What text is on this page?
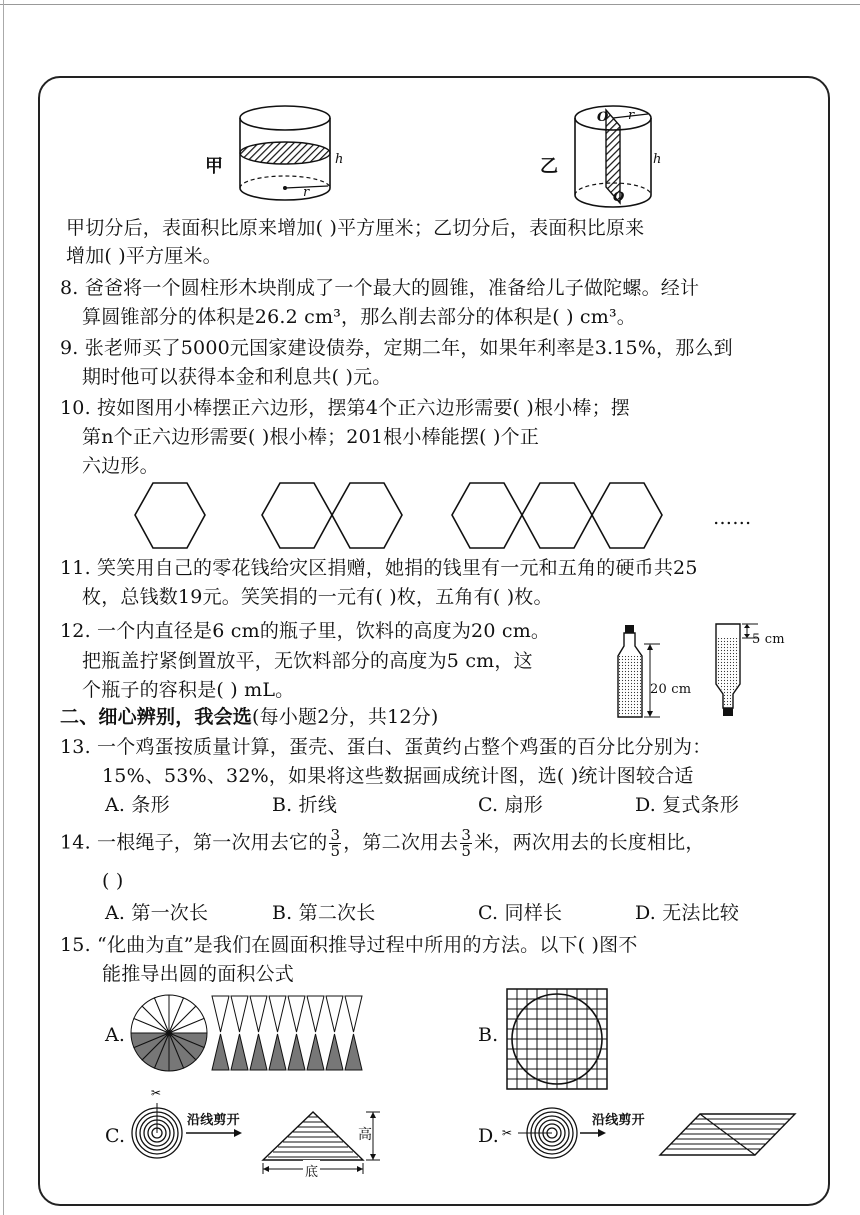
甲	乙
h
r
O r
h
O
甲切分后，表面积比原来增加( )平方厘米；乙切分后，表面积比原来
增加( )平方厘米。
8. 爸爸将一个圆柱形木块削成了一个最大的圆锥，准备给儿子做陀螺。经计
算圆锥部分的体积是26.2 cm³，那么削去部分的体积是( ) cm³。
9. 张老师买了5000元国家建设债券，定期二年，如果年利率是3.15%，那么到
期时他可以获得本金和利息共( )元。
10. 按如图用小棒摆正六边形，摆第4个正六边形需要( )根小棒；摆
第n个正六边形需要( )根小棒；201根小棒能摆( )个正
六边形。
……
11. 笑笑用自己的零花钱给灾区捐赠，她捐的钱里有一元和五角的硬币共25
枚，总钱数19元。笑笑捐的一元有( )枚，五角有( )枚。
12. 一个内直径是6 cm的瓶子里，饮料的高度为20 cm。
把瓶盖拧紧倒置放平，无饮料部分的高度为5 cm，这
个瓶子的容积是( ) mL。	20 cm
5 cm
二、细心辨别，我会选(每小题2分，共12分)
13. 一个鸡蛋按质量计算，蛋壳、蛋白、蛋黄约占整个鸡蛋的百分比分别为：
15%、53%、32%，如果将这些数据画成统计图，选( )统计图较合适
A. 条形	B. 折线	C. 扇形	D. 复式条形
14. 一根绳子，第一次用去它的 $\frac{3}{5}$ ，第二次用去 $\frac{3}{5}$ 米，两次用去的长度相比，
( )
A. 第一次长	B. 第二次长	C. 同样长	D. 无法比较
15. “化曲为直”是我们在圆面积推导过程中所用的方法。以下( )图不
能推导出圆的面积公式
A.	B.
C.	D.
✂
沿线剪开
高
底
✂
沿线剪开
